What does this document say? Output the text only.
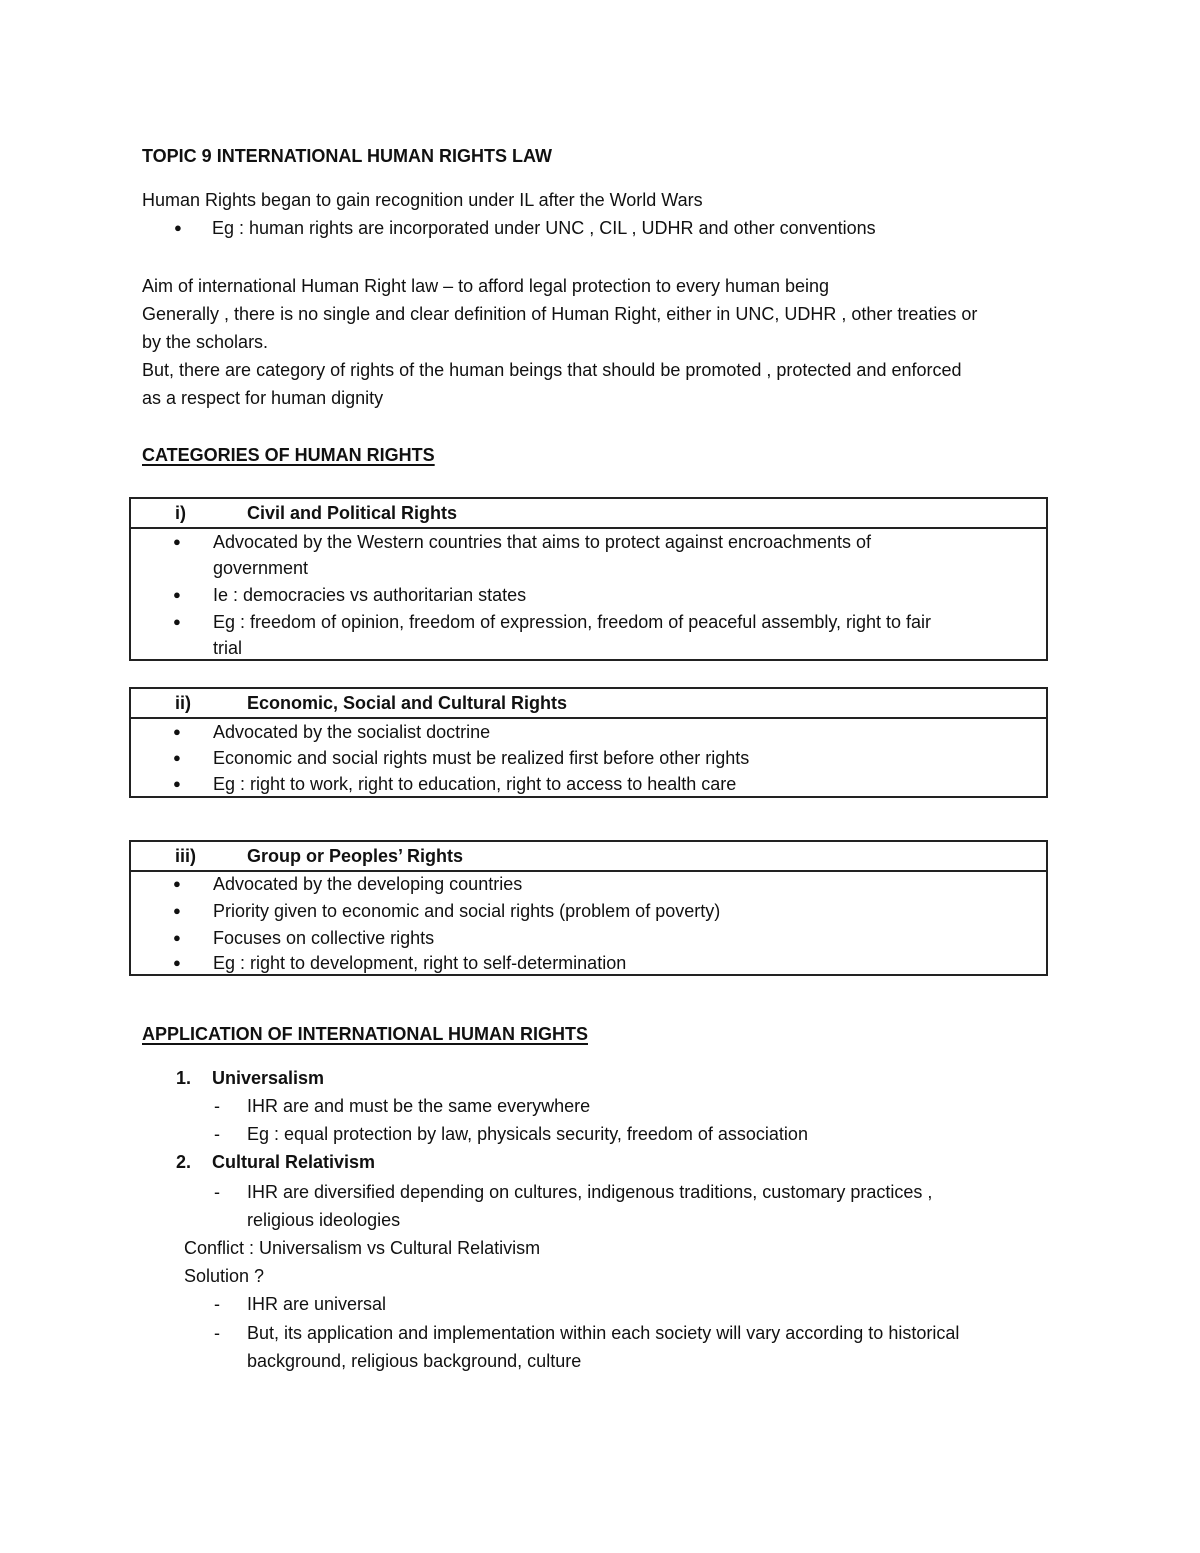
TOPIC 9 INTERNATIONAL HUMAN RIGHTS LAW
Human Rights began to gain recognition under IL after the World Wars
● Eg : human rights are incorporated under UNC , CIL , UDHR and other conventions
Aim of international Human Right law – to afford legal protection to every human being
Generally , there is no single and clear definition of Human Right, either in UNC, UDHR , other treaties or
by the scholars.
But, there are category of rights of the human beings that should be promoted , protected and enforced
as a respect for human dignity
CATEGORIES OF HUMAN RIGHTS
i)	Civil and Political Rights
● Advocated by the Western countries that aims to protect against encroachments of
government
● Ie : democracies vs authoritarian states
● Eg : freedom of opinion, freedom of expression, freedom of peaceful assembly, right to fair
trial
ii)	Economic, Social and Cultural Rights
● Advocated by the socialist doctrine
● Economic and social rights must be realized first before other rights
● Eg : right to work, right to education, right to access to health care
iii)	Group or Peoples’ Rights
● Advocated by the developing countries
● Priority given to economic and social rights (problem of poverty)
● Focuses on collective rights
● Eg : right to development, right to self-determination
APPLICATION OF INTERNATIONAL HUMAN RIGHTS
1. Universalism
- IHR are and must be the same everywhere
- Eg : equal protection by law, physicals security, freedom of association
2. Cultural Relativism
- IHR are diversified depending on cultures, indigenous traditions, customary practices ,
religious ideologies
Conflict : Universalism vs Cultural Relativism
Solution ?
- IHR are universal
- But, its application and implementation within each society will vary according to historical
background, religious background, culture
